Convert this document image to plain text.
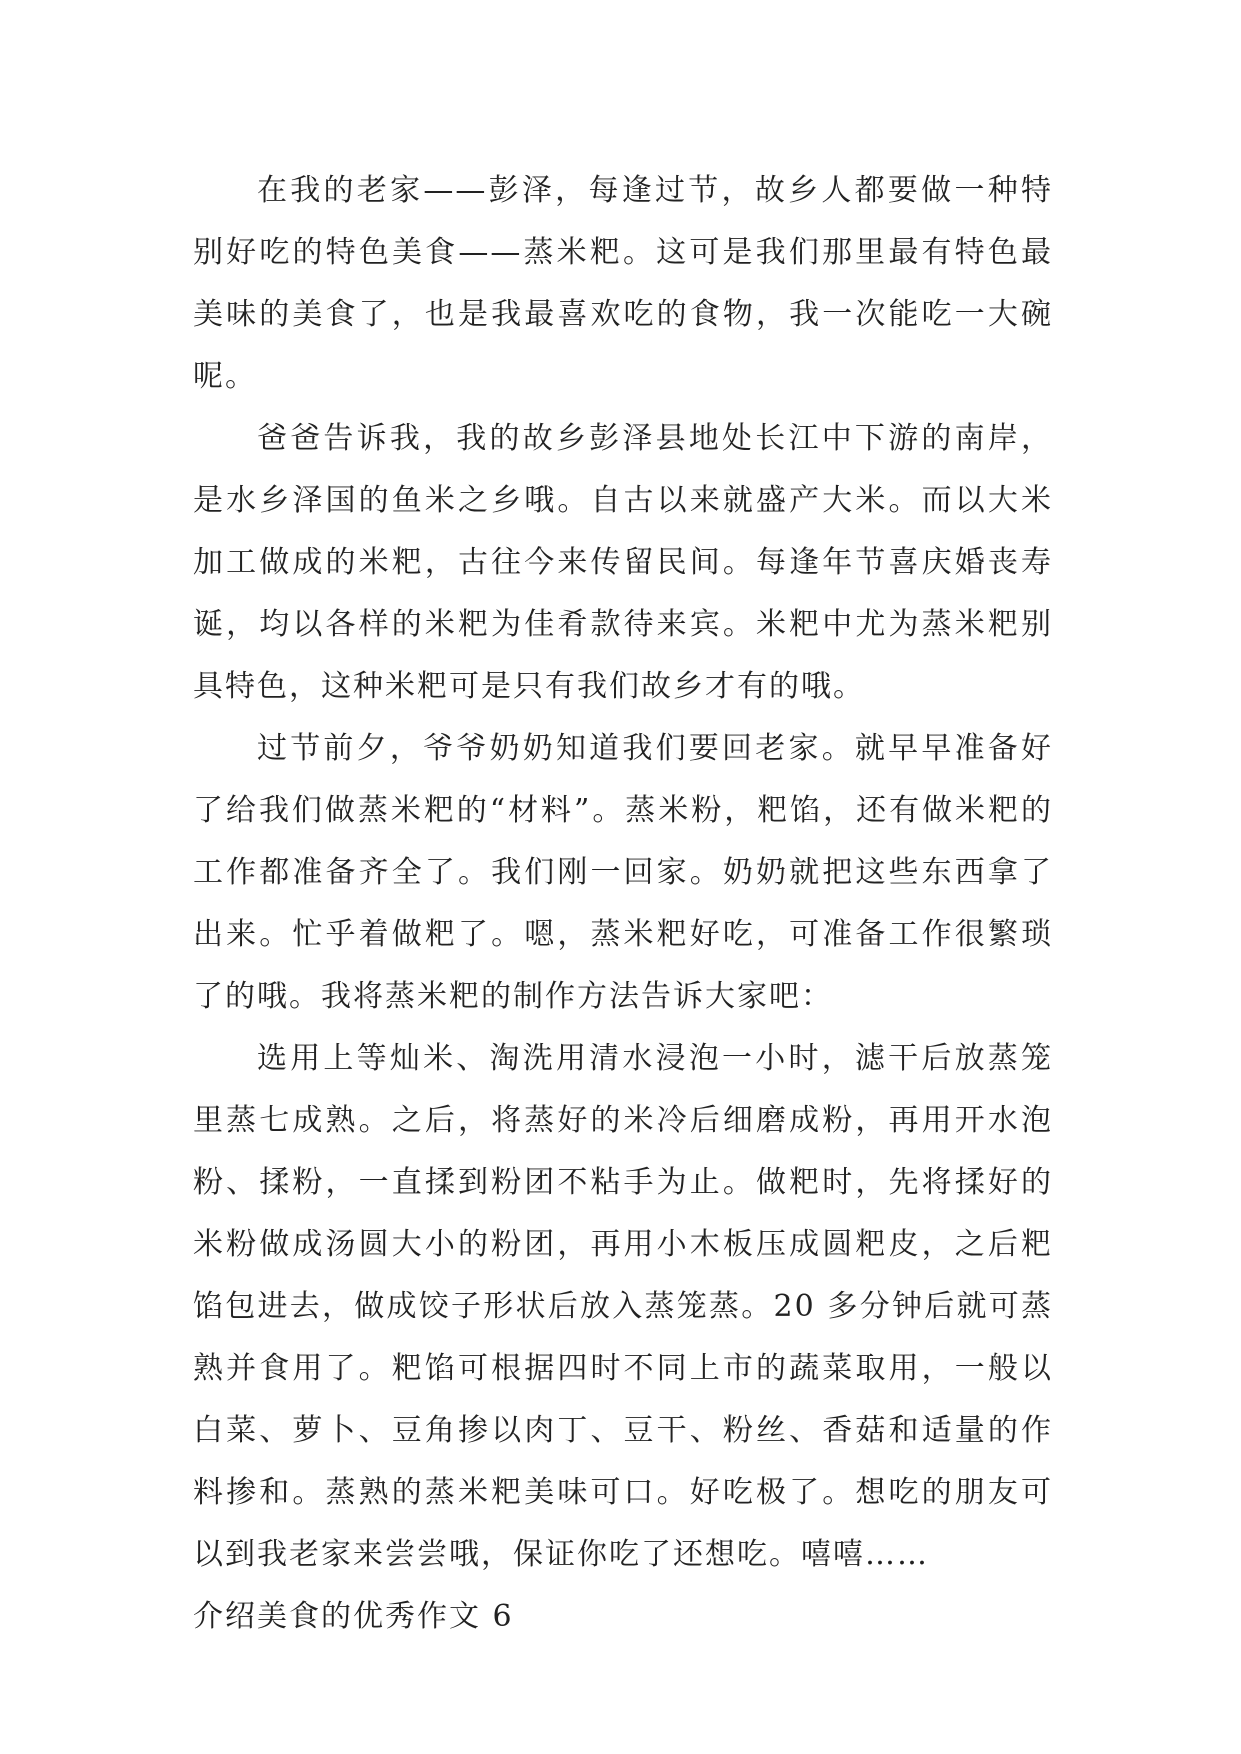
在我的老家——彭泽，每逢过节，故乡人都要做一种特别好吃的特色美食——蒸米粑。这可是我们那里最有特色最美味的美食了，也是我最喜欢吃的食物，我一次能吃一大碗呢。

爸爸告诉我，我的故乡彭泽县地处长江中下游的南岸，是水乡泽国的鱼米之乡哦。自古以来就盛产大米。而以大米加工做成的米粑，古往今来传留民间。每逢年节喜庆婚丧寿诞，均以各样的米粑为佳肴款待来宾。米粑中尤为蒸米粑别具特色，这种米粑可是只有我们故乡才有的哦。

过节前夕，爷爷奶奶知道我们要回老家。就早早准备好了给我们做蒸米粑的“材料”。蒸米粉，粑馅，还有做米粑的工作都准备齐全了。我们刚一回家。奶奶就把这些东西拿了出来。忙乎着做粑了。嗯，蒸米粑好吃，可准备工作很繁琐了的哦。我将蒸米粑的制作方法告诉大家吧：

选用上等灿米、淘洗用清水浸泡一小时，滤干后放蒸笼里蒸七成熟。之后，将蒸好的米冷后细磨成粉，再用开水泡粉、揉粉，一直揉到粉团不粘手为止。做粑时，先将揉好的米粉做成汤圆大小的粉团，再用小木板压成圆粑皮，之后粑馅包进去，做成饺子形状后放入蒸笼蒸。20 多分钟后就可蒸熟并食用了。粑馅可根据四时不同上市的蔬菜取用，一般以白菜、萝卜、豆角掺以肉丁、豆干、粉丝、香菇和适量的作料掺和。蒸熟的蒸米粑美味可口。好吃极了。想吃的朋友可以到我老家来尝尝哦，保证你吃了还想吃。嘻嘻……

介绍美食的优秀作文 6
